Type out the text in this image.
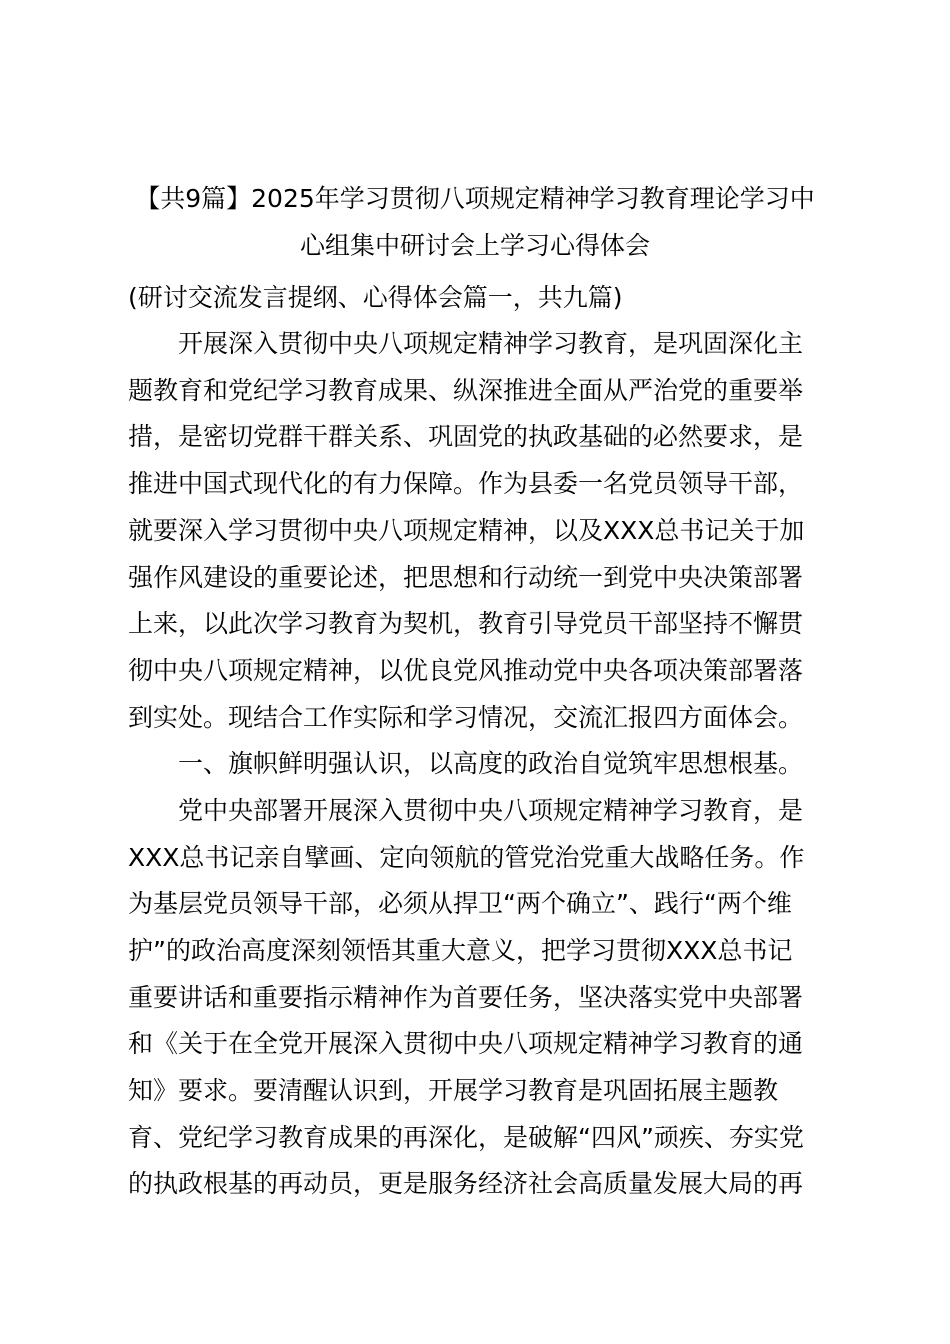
【共9篇】2025年学习贯彻八项规定精神学习教育理论学习中
心组集中研讨会上学习心得体会
(研讨交流发言提纲、心得体会篇一，共九篇)
开展深入贯彻中央八项规定精神学习教育，是巩固深化主
题教育和党纪学习教育成果、纵深推进全面从严治党的重要举
措，是密切党群干群关系、巩固党的执政基础的必然要求，是
推进中国式现代化的有力保障。作为县委一名党员领导干部，
就要深入学习贯彻中央八项规定精神，以及XXX总书记关于加
强作风建设的重要论述，把思想和行动统一到党中央决策部署
上来，以此次学习教育为契机，教育引导党员干部坚持不懈贯
彻中央八项规定精神，以优良党风推动党中央各项决策部署落
到实处。现结合工作实际和学习情况，交流汇报四方面体会。
一、旗帜鲜明强认识，以高度的政治自觉筑牢思想根基。
党中央部署开展深入贯彻中央八项规定精神学习教育，是
XXX总书记亲自擘画、定向领航的管党治党重大战略任务。作
为基层党员领导干部，必须从捍卫“两个确立”、践行“两个维
护”的政治高度深刻领悟其重大意义，把学习贯彻XXX总书记
重要讲话和重要指示精神作为首要任务，坚决落实党中央部署
和《关于在全党开展深入贯彻中央八项规定精神学习教育的通
知》要求。要清醒认识到，开展学习教育是巩固拓展主题教
育、党纪学习教育成果的再深化，是破解“四风”顽疾、夯实党
的执政根基的再动员，更是服务经济社会高质量发展大局的再
